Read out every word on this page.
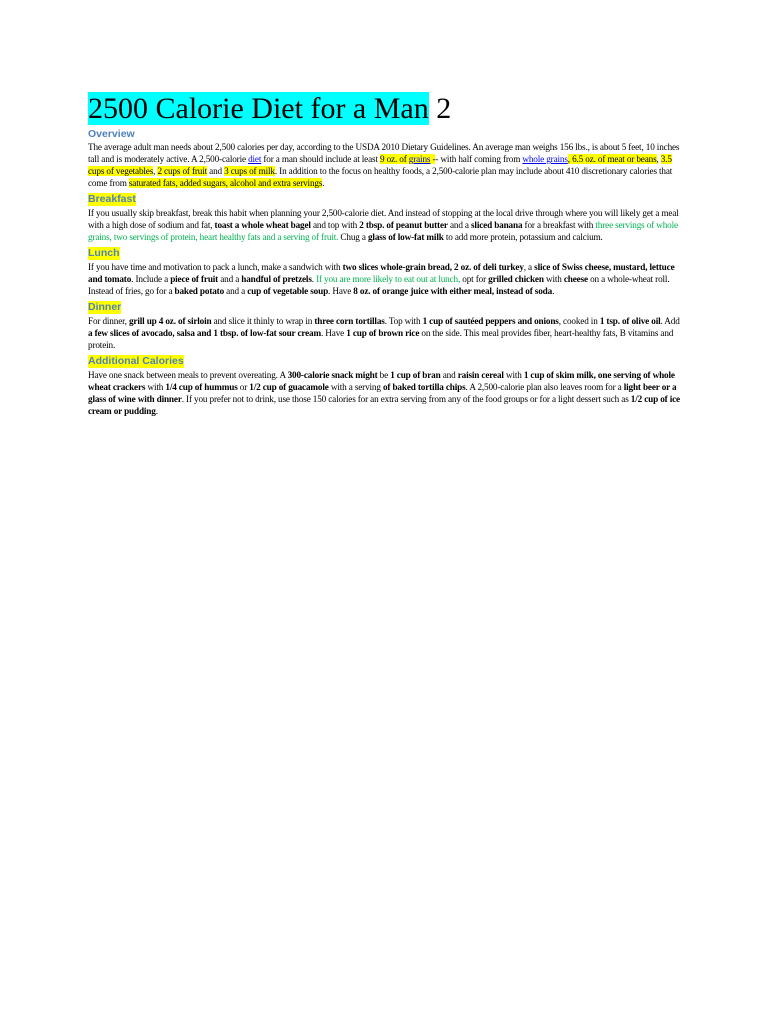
2500 Calorie Diet for a Man 2
Overview

The average adult man needs about 2,500 calories per day, according to the USDA 2010 Dietary Guidelines. An average man weighs 156 lbs., is about 5 feet, 10 inches tall and is moderately active. A 2,500-calorie diet for a man should include at least 9 oz. of grains -- with half coming from whole grains, 6.5 oz. of meat or beans, 3.5 cups of vegetables, 2 cups of fruit and 3 cups of milk. In addition to the focus on healthy foods, a 2,500-calorie plan may include about 410 discretionary calories that come from saturated fats, added sugars, alcohol and extra servings.

Breakfast

If you usually skip breakfast, break this habit when planning your 2,500-calorie diet. And instead of stopping at the local drive through where you will likely get a meal with a high dose of sodium and fat, toast a whole wheat bagel and top with 2 tbsp. of peanut butter and a sliced banana for a breakfast with three servings of whole grains, two servings of protein, heart healthy fats and a serving of fruit. Chug a glass of low-fat milk to add more protein, potassium and calcium.

Lunch

If you have time and motivation to pack a lunch, make a sandwich with two slices whole-grain bread, 2 oz. of deli turkey, a slice of Swiss cheese, mustard, lettuce and tomato. Include a piece of fruit and a handful of pretzels. If you are more likely to eat out at lunch, opt for grilled chicken with cheese on a whole-wheat roll. Instead of fries, go for a baked potato and a cup of vegetable soup. Have 8 oz. of orange juice with either meal, instead of soda.

Dinner

For dinner, grill up 4 oz. of sirloin and slice it thinly to wrap in three corn tortillas. Top with 1 cup of sautéed peppers and onions, cooked in 1 tsp. of olive oil. Add a few slices of avocado, salsa and 1 tbsp. of low-fat sour cream. Have 1 cup of brown rice on the side. This meal provides fiber, heart-healthy fats, B vitamins and protein.

Additional Calories

Have one snack between meals to prevent overeating. A 300-calorie snack might be 1 cup of bran and raisin cereal with 1 cup of skim milk, one serving of whole wheat crackers with 1/4 cup of hummus or 1/2 cup of guacamole with a serving of baked tortilla chips. A 2,500-calorie plan also leaves room for a light beer or a glass of wine with dinner. If you prefer not to drink, use those 150 calories for an extra serving from any of the food groups or for a light dessert such as 1/2 cup of ice cream or pudding.
